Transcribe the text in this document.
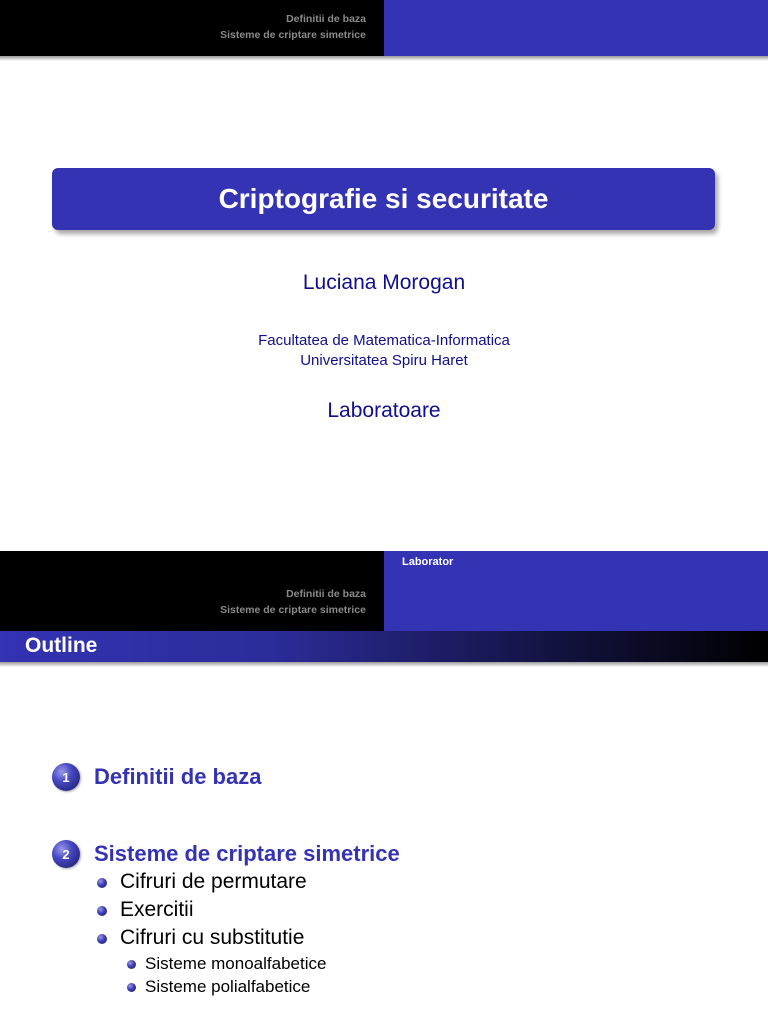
Definitii de baza
Sisteme de criptare simetrice
Criptografie si securitate
Luciana Morogan
Facultatea de Matematica-Informatica
Universitatea Spiru Haret
Laboratoare
Definitii de baza
Sisteme de criptare simetrice
Laborator
Outline
1	Definitii de baza
2	Sisteme de criptare simetrice
Cifruri de permutare
Exercitii
Cifruri cu substitutie
Sisteme monoalfabetice
Sisteme polialfabetice
